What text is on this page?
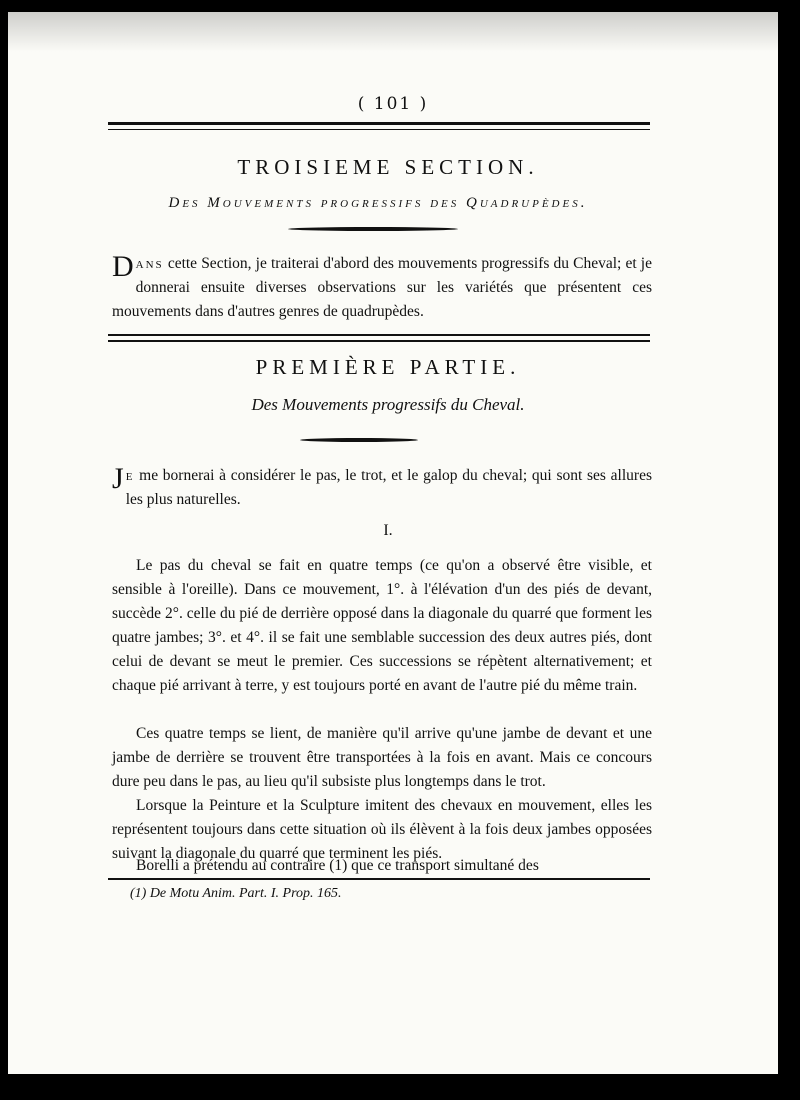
( 101 )
TROISIEME SECTION.
Des Mouvements progressifs des Quadrupèdes.
Dans cette Section, je traiterai d'abord des mouvements progressifs du Cheval; et je donnerai ensuite diverses observations sur les variétés que présentent ces mouvements dans d'autres genres de quadrupèdes.
PREMIÈRE PARTIE.
Des Mouvements progressifs du Cheval.
Je me bornerai à considérer le pas, le trot, et le galop du cheval; qui sont ses allures les plus naturelles.
I.
Le pas du cheval se fait en quatre temps (ce qu'on a observé être visible, et sensible à l'oreille). Dans ce mouvement, 1°. à l'élévation d'un des piés de devant, succède 2°. celle du pié de derrière opposé dans la diagonale du quarré que forment les quatre jambes; 3°. et 4°. il se fait une semblable succession des deux autres piés, dont celui de devant se meut le premier. Ces successions se répètent alternativement; et chaque pié arrivant à terre, y est toujours porté en avant de l'autre pié du même train.
Ces quatre temps se lient, de manière qu'il arrive qu'une jambe de devant et une jambe de derrière se trouvent être transportées à la fois en avant. Mais ce concours dure peu dans le pas, au lieu qu'il subsiste plus longtemps dans le trot.
Lorsque la Peinture et la Sculpture imitent des chevaux en mouvement, elles les représentent toujours dans cette situation où ils élèvent à la fois deux jambes opposées suivant la diagonale du quarré que terminent les piés.
Borelli a prétendu au contraire (1) que ce transport simultané des
(1) De Motu Anim. Part. I. Prop. 165.
